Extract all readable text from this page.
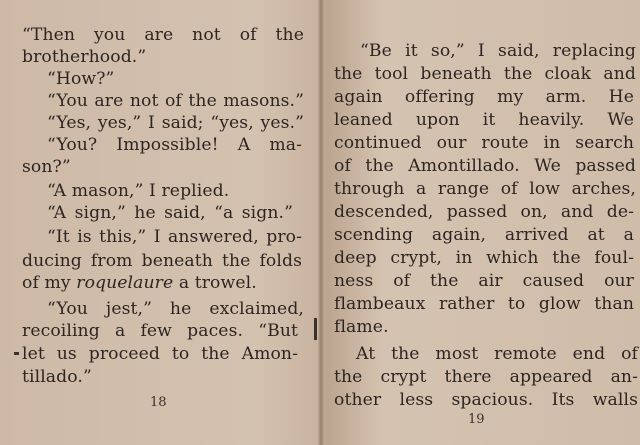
“Then you are not of the
brotherhood.”
“How?”
“You are not of the masons.”
“Yes, yes,” I said; “yes, yes.”
“You? Impossible! A ma-
son?”
“A mason,” I replied.
“A sign,” he said, “a sign.”
“It is this,” I answered, pro-
ducing from beneath the folds
of my roquelaure a trowel.
“You jest,” he exclaimed,
recoiling a few paces. “But
let us proceed to the Amon-
tillado.”
18
“Be it so,” I said, replacing
the tool beneath the cloak and
again offering my arm. He
leaned upon it heavily. We
continued our route in search
of the Amontillado. We passed
through a range of low arches,
descended, passed on, and de-
scending again, arrived at a
deep crypt, in which the foul-
ness of the air caused our
flambeaux rather to glow than
flame.
At the most remote end of
the crypt there appeared an-
other less spacious. Its walls
19
